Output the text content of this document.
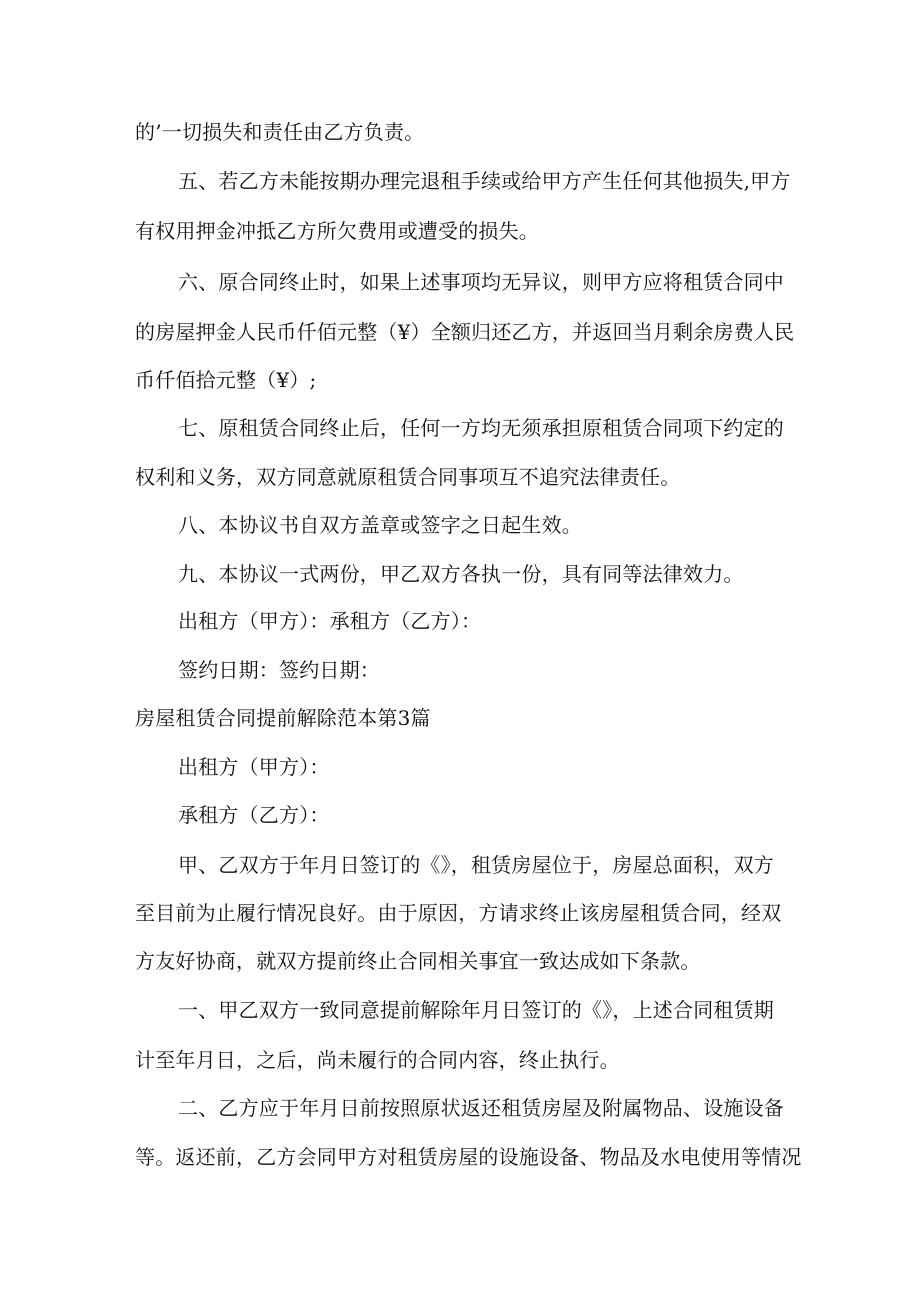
的’一切损失和责任由乙方负责。
五、若乙方未能按期办理完退租手续或给甲方产生任何其他损失,甲方
有权用押金冲抵乙方所欠费用或遭受的损失。
六、原合同终止时，如果上述事项均无异议，则甲方应将租赁合同中
的房屋押金人民币仟佰元整（¥）全额归还乙方，并返回当月剩余房费人民
币仟佰拾元整（¥）;
七、原租赁合同终止后，任何一方均无须承担原租赁合同项下约定的
权利和义务，双方同意就原租赁合同事项互不追究法律责任。
八、本协议书自双方盖章或签字之日起生效。
九、本协议一式两份，甲乙双方各执一份，具有同等法律效力。
出租方（甲方）：承租方（乙方）：
签约日期：签约日期：
房屋租赁合同提前解除范本第3篇
出租方（甲方）：
承租方（乙方）：
甲、乙双方于年月日签订的《》，租赁房屋位于，房屋总面积，双方
至目前为止履行情况良好。由于原因，方请求终止该房屋租赁合同，经双
方友好协商，就双方提前终止合同相关事宜一致达成如下条款。
一、甲乙双方一致同意提前解除年月日签订的《》，上述合同租赁期
计至年月日，之后，尚未履行的合同内容，终止执行。
二、乙方应于年月日前按照原状返还租赁房屋及附属物品、设施设备
等。返还前，乙方会同甲方对租赁房屋的设施设备、物品及水电使用等情况
